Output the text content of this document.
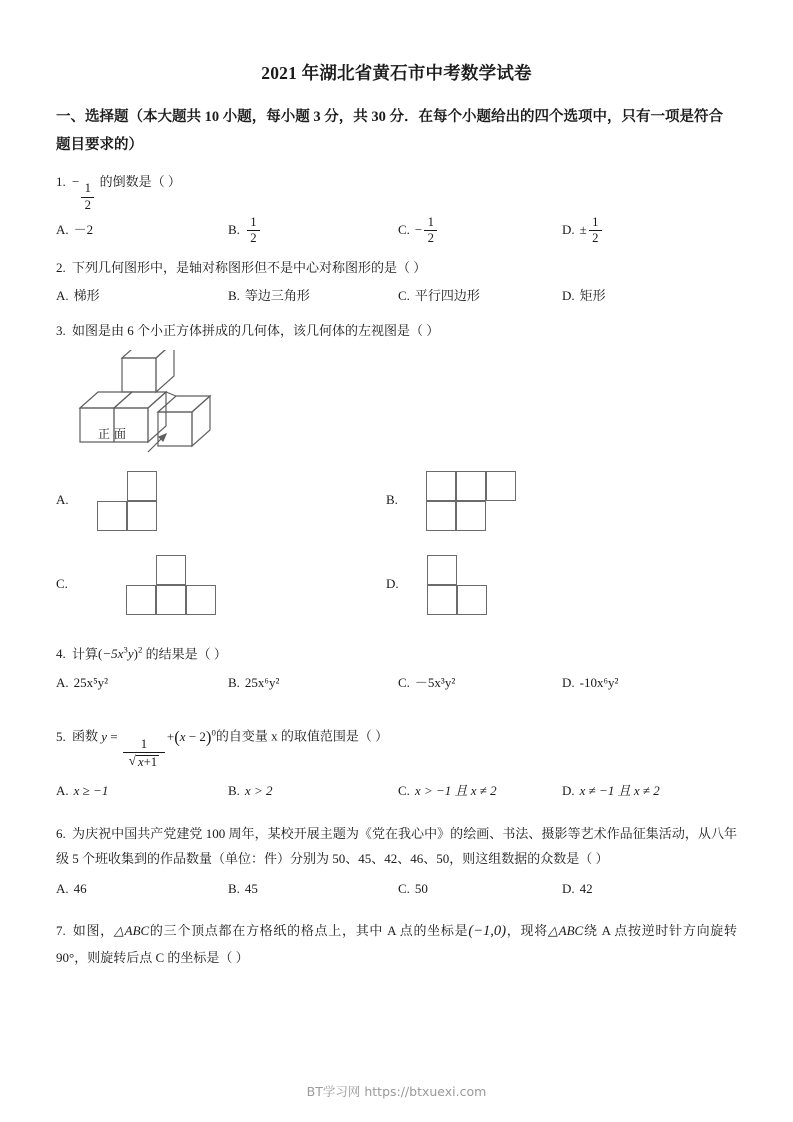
2021 年湖北省黄石市中考数学试卷
一、选择题（本大题共 10 小题，每小题 3 分，共 30 分．在每个小题给出的四个选项中，只有一项是符合题目要求的）
1. −
$\frac{1}{2}$
的倒数是（ ）
A. －2	B. $\frac{1}{2}$	C. − $\frac{1}{2}$	D. ± $\frac{1}{2}$
2. 下列几何图形中，是轴对称图形但不是中心对称图形的是（ ）
A. 梯形	B. 等边三角形	C. 平行四边形	D. 矩形
3. 如图是由 6 个小正方体拼成的几何体，该几何体的左视图是（ ）
正面
A.	B.
C.	D.
4. 计算$(-5x^3y)^2$ 的结果是（ ）
A. 25x⁵y²	B. 25x⁶y²	C. －5x³y²	D. -10x⁶y²
5. 函数 y =
$\frac{1}{√ x+1}$
$+(x - 2)^0$的自变量 x 的取值范围是（ ）
A. x ≥ −1	B. x > 2	C. x > −1 且 x ≠ 2	D. x ≠ −1 且 x ≠ 2
6. 为庆祝中国共产党建党 100 周年，某校开展主题为《党在我心中》的绘画、书法、摄影等艺术作品征集活动，从八年级 5 个班收集到的作品数量（单位：件）分别为 50、45、42、46、50，则这组数据的众数是（ ）
A. 46	B. 45	C. 50	D. 42
7. 如图，△ABC的三个顶点都在方格纸的格点上，其中 A 点的坐标是(−1,0)，现将△ABC绕 A 点按逆时针方向旋转 90°，则旋转后点 C 的坐标是（ ）
BT学习网 https://btxuexi.com
